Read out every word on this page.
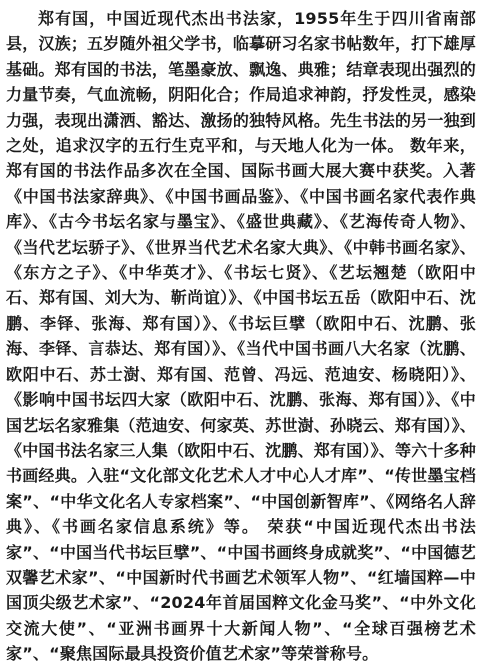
郑有国，中国近现代杰出书法家，1955年生于四川省南部县，汉族；五岁随外祖父学书，临摹研习名家书帖数年，打下雄厚基础。郑有国的书法，笔墨豪放、飘逸、典雅；结章表现出强烈的力量节奏，气血流畅，阴阳化合；作局追求神韵，抒发性灵，感染力强，表现出潇洒、豁达、激扬的独特风格。先生书法的另一独到之处，追求汉字的五行生克平和，与天地人化为一体。 数年来，郑有国的书法作品多次在全国、国际书画大展大赛中获奖。入著《中国书法家辞典》、《中国书画品鉴》、《中国书画名家代表作典库》、《古今书坛名家与墨宝》、《盛世典藏》、《艺海传奇人物》、《当代艺坛骄子》、《世界当代艺术名家大典》、《中韩书画名家》、《东方之子》、《中华英才》、《书坛七贤》、《艺坛翘楚（欧阳中石、郑有国、刘大为、靳尚谊）》、《中国书坛五岳（欧阳中石、沈鹏、李铎、张海、郑有国）》、《书坛巨擘（欧阳中石、沈鹏、张海、李铎、言恭达、郑有国）》、《当代中国书画八大名家（沈鹏、欧阳中石、苏士澍、郑有国、范曾、冯远、范迪安、杨晓阳）》、《影响中国书坛四大家（欧阳中石、沈鹏、张海、郑有国）》、《中国艺坛名家雅集（范迪安、何家英、苏世澍、孙晓云、郑有国）》、《中国书法名家三人集（欧阳中石、沈鹏、郑有国）》、等六十多种书画经典。入驻“文化部文化艺术人才中心人才库”、“传世墨宝档案”、“中华文化名人专家档案”、“中国创新智库”、《网络名人辞典》、《书画名家信息系统》等。 荣获“中国近现代杰出书法家”、“中国当代书坛巨擘”、“中国书画终身成就奖”、“中国德艺双馨艺术家”、“中国新时代书画艺术领军人物”、“红墙国粹—中国顶尖级艺术家”、“2024年首届国粹文化金马奖”、“中外文化交流大使”、“亚洲书画界十大新闻人物”、“全球百强榜艺术家”、“聚焦国际最具投资价值艺术家”等荣誉称号。
